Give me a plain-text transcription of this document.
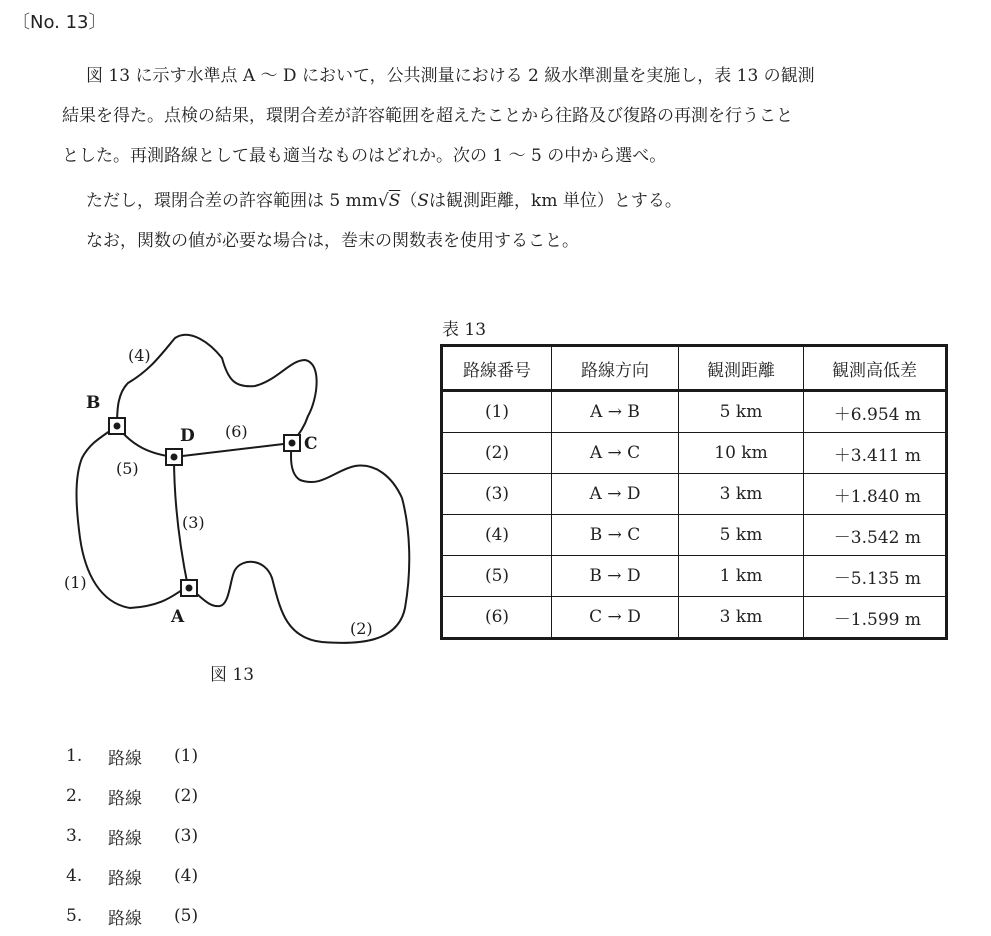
〔No. 13〕

図 13 に示す水準点 A ～ D において，公共測量における 2 級水準測量を実施し，表 13 の観測

結果を得た。点検の結果，環閉合差が許容範囲を超えたことから往路及び復路の再測を行うこと

とした。再測路線として最も適当なものはどれか。次の 1 ～ 5 の中から選べ。

ただし，環閉合差の許容範囲は 5 mm√S（Sは観測距離，km 単位）とする。
なお，関数の値が必要な場合は，巻末の関数表を使用すること。
B
D	C
A
(4)
(6)
(5)
(3)
(1)
(2)
図 13
表 13
路線番号	路線方向	観測距離	観測高低差
(1)	A → B	5 km	＋6.954 m
(2)	A → C	10 km	＋3.411 m
(3)	A → D	3 km	＋1.840 m
(4)	B → C	5 km	－3.542 m
(5)	B → D	1 km	－5.135 m
(6)	C → D	3 km	－1.599 m
1.	路線	(1)
2.	路線	(2)
3.	路線	(3)
4.	路線	(4)
5.	路線	(5)
